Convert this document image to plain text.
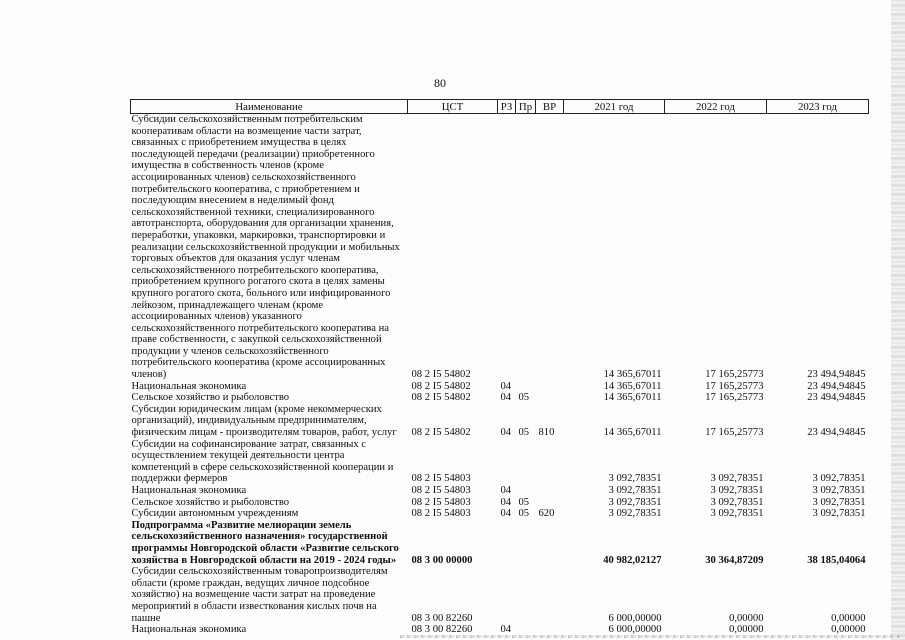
80
Наименование	ЦСТ	РЗ	Пр	ВР	2021 год	2022 год	2023 год
Субсидии сельскохозяйственным потребительским кооперативам области на возмещение части затрат, связанных с приобретением имущества в целях последующей передачи (реализации) приобретенного имущества в собственность членов (кроме ассоциированных членов) сельскохозяйственного потребительского кооператива, с приобретением и последующим внесением в неделимый фонд сельскохозяйственной техники, специализированного автотранспорта, оборудования для организации хранения, переработки, упаковки, маркировки, транспортировки и реализации сельскохозяйственной продукции и мобильных торговых объектов для оказания услуг членам сельскохозяйственного потребительского кооператива, приобретением крупного рогатого скота в целях замены крупного рогатого скота, больного или инфицированного лейкозом, принадлежащего членам (кроме ассоциированных членов) указанного сельскохозяйственного потребительского кооператива на праве собственности, с закупкой сельскохозяйственной продукции у членов сельскохозяйственного потребительского кооператива (кроме ассоциированных членов)	08 2 I5 54802				14 365,67011	17 165,25773	23 494,94845
Национальная экономика	08 2 I5 54802	04			14 365,67011	17 165,25773	23 494,94845
Сельское хозяйство и рыболовство	08 2 I5 54802	04	05		14 365,67011	17 165,25773	23 494,94845
Субсидии юридическим лицам (кроме некоммерческих организаций), индивидуальным предпринимателям, физическим лицам - производителям товаров, работ, услуг	08 2 I5 54802	04	05	810	14 365,67011	17 165,25773	23 494,94845
Субсидии на софинансирование затрат, связанных с осуществлением текущей деятельности центра компетенций в сфере сельскохозяйственной кооперации и поддержки фермеров	08 2 I5 54803				3 092,78351	3 092,78351	3 092,78351
Национальная экономика	08 2 I5 54803	04			3 092,78351	3 092,78351	3 092,78351
Сельское хозяйство и рыболовство	08 2 I5 54803	04	05		3 092,78351	3 092,78351	3 092,78351
Субсидии автономным учреждениям	08 2 I5 54803	04	05	620	3 092,78351	3 092,78351	3 092,78351
Подпрограмма «Развитие мелиорации земель сельскохозяйственного назначения» государственной программы Новгородской области «Развитие сельского хозяйства в Новгородской области на 2019 - 2024 годы»	08 3 00 00000				40 982,02127	30 364,87209	38 185,04064
Субсидии сельскохозяйственным товаропроизводителям области (кроме граждан, ведущих личное подсобное хозяйство) на возмещение части затрат на проведение мероприятий в области известкования кислых почв на пашне	08 3 00 82260				6 000,00000	0,00000	0,00000
Национальная экономика	08 3 00 82260	04			6 000,00000	0,00000	0,00000
